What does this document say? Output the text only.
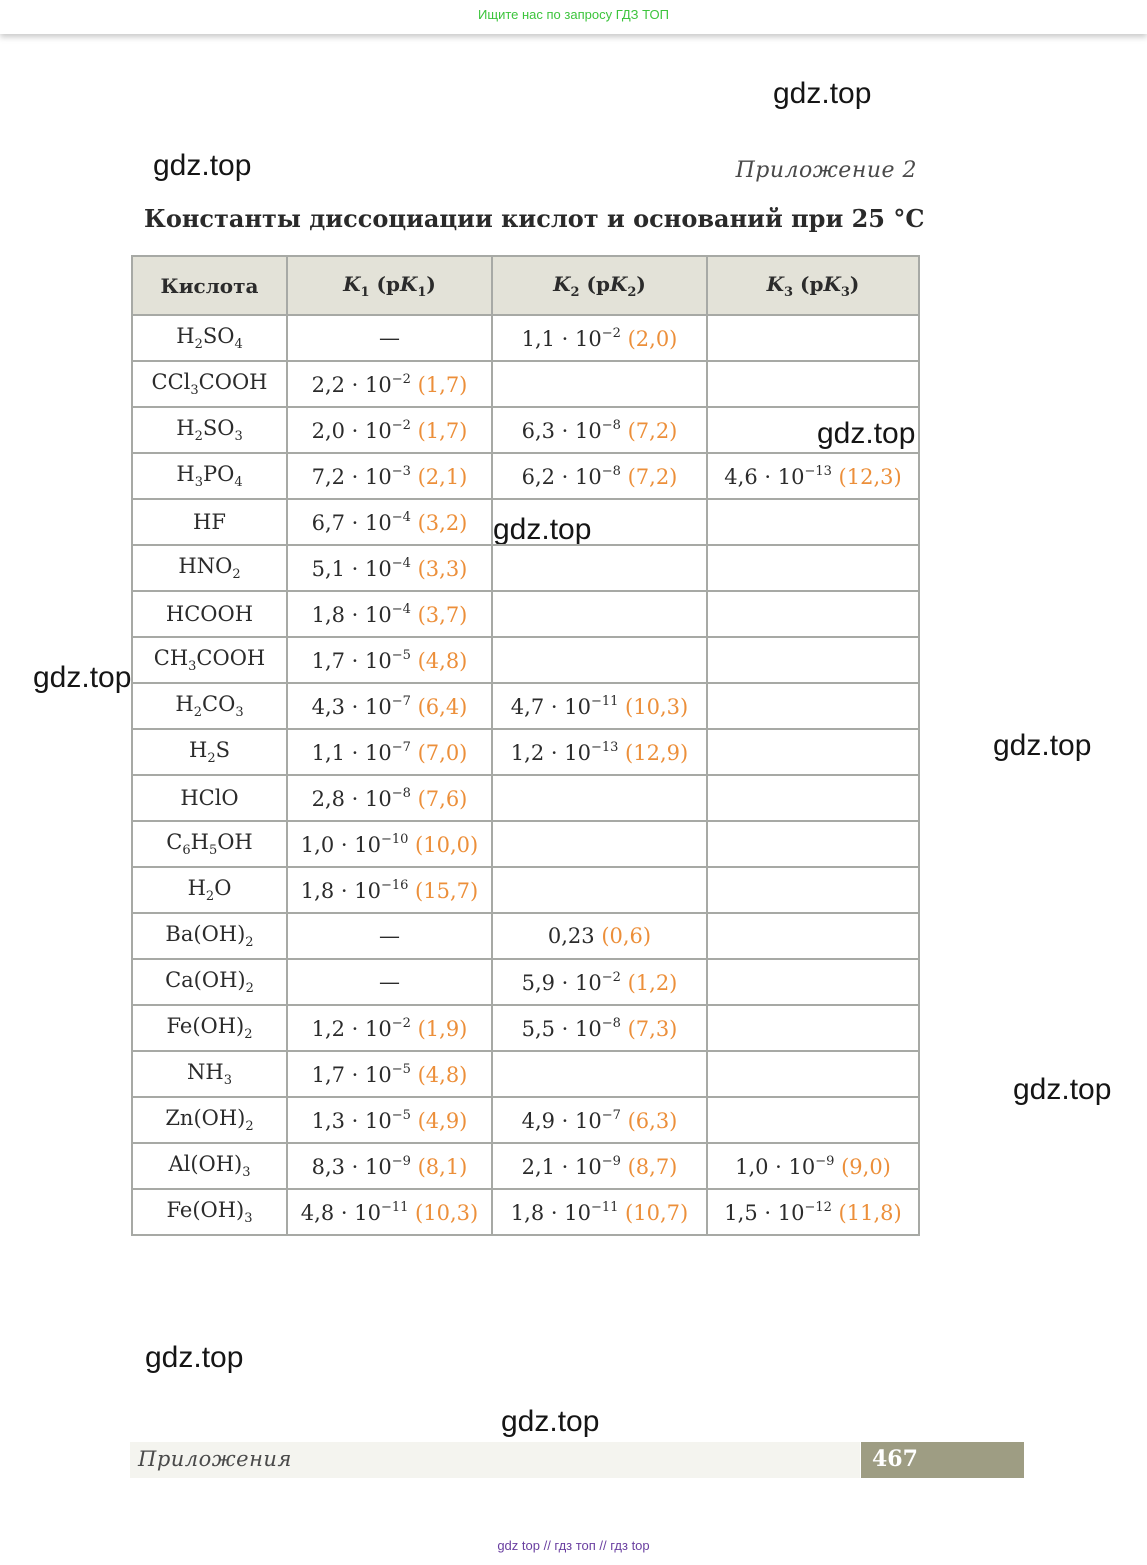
Ищите нас по запросу ГДЗ ТОП
gdz.top
gdz.top
gdz.top
gdz.top
gdz.top
gdz.top
gdz.top
gdz.top
gdz.top
Приложение 2
Константы диссоциации кислот и оснований при 25 °С
Кислота	$K_1$ $(pK_1)$	$K_2$ $(pK_2)$	$K_3$ $(pK_3)$
$H_2SO_4$	—	$1,1 \cdot 10^{-2}$ (2,0)	
CCl$_3$COOH	$2,2 \cdot 10^{-2}$ (1,7)		
$H_2SO_3$	$2,0 \cdot 10^{-2}$ (1,7)	$6,3 \cdot 10^{-8}$ (7,2)	
$H_3PO_4$	$7,2 \cdot 10^{-3}$ (2,1)	$6,2 \cdot 10^{-8}$ (7,2)	$4,6 \cdot 10^{-13}$ (12,3)
HF	$6,7 \cdot 10^{-4}$ (3,2)		
$HNO_2$	$5,1 \cdot 10^{-4}$ (3,3)		
HCOOH	$1,8 \cdot 10^{-4}$ (3,7)		
$CH_3COOH$	$1,7 \cdot 10^{-5}$ (4,8)		
$H_2CO_3$	$4,3 \cdot 10^{-7}$ (6,4)	$4,7 \cdot 10^{-11}$ (10,3)	
$H_2S$	$1,1 \cdot 10^{-7}$ (7,0)	$1,2 \cdot 10^{-13}$ (12,9)	
HClO	$2,8 \cdot 10^{-8}$ (7,6)		
$C_6H_5OH$	$1,0 \cdot 10^{-10}$ (10,0)		
$H_2O$	$1,8 \cdot 10^{-16}$ (15,7)		
$Ba(OH)_2$	—	0,23 (0,6)	
$Ca(OH)_2$	—	$5,9 \cdot 10^{-2}$ (1,2)	
$Fe(OH)_2$	$1,2 \cdot 10^{-2}$ (1,9)	$5,5 \cdot 10^{-8}$ (7,3)	
$NH_3$	$1,7 \cdot 10^{-5}$ (4,8)		
$Zn(OH)_2$	$1,3 \cdot 10^{-5}$ (4,9)	$4,9 \cdot 10^{-7}$ (6,3)	
$Al(OH)_3$	$8,3 \cdot 10^{-9}$ (8,1)	$2,1 \cdot 10^{-9}$ (8,7)	$1,0 \cdot 10^{-9}$ (9,0)
$Fe(OH)_3$	$4,8 \cdot 10^{-11}$ (10,3)	$1,8 \cdot 10^{-11}$ (10,7)	$1,5 \cdot 10^{-12}$ (11,8)
Приложения	467
gdz top // гдз топ // гдз top
